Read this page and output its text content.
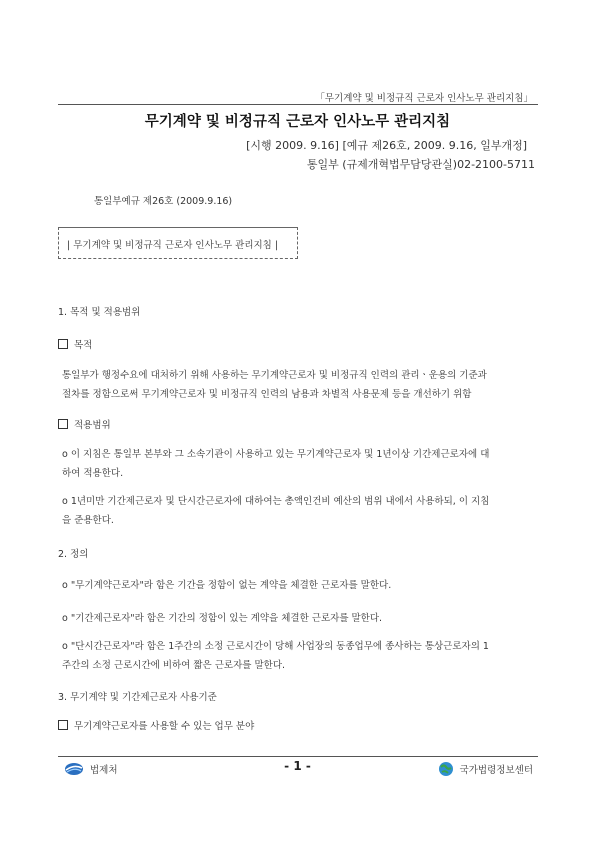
「무기계약 및 비정규직 근로자 인사노무 관리지침」
무기계약 및 비정규직 근로자 인사노무 관리지침
[시행 2009. 9.16] [예규 제26호, 2009. 9.16, 일부개정]
통일부 (규제개혁법무담당관실)02-2100-5711
통일부예규 제26호 (2009.9.16)
| 무기계약 및 비정규직 근로자 인사노무 관리지침 |
1. 목적 및 적용범위
목적
통일부가 행정수요에 대처하기 위해 사용하는 무기계약근로자 및 비정규직 인력의 관리ㆍ운용의 기준과
절차를 정함으로써 무기계약근로자 및 비정규직 인력의 남용과 차별적 사용문제 등을 개선하기 위함
적용범위
o 이 지침은 통일부 본부와 그 소속기관이 사용하고 있는 무기계약근로자 및 1년이상 기간제근로자에 대
하여 적용한다.
o 1년미만 기간제근로자 및 단시간근로자에 대하여는 총액인건비 예산의 범위 내에서 사용하되, 이 지침
을 준용한다.
2. 정의
o "무기계약근로자"라 함은 기간을 정함이 없는 계약을 체결한 근로자를 말한다.
o "기간제근로자"라 함은 기간의 정함이 있는 계약을 체결한 근로자를 말한다.
o "단시간근로자"라 함은 1주간의 소정 근로시간이 당해 사업장의 동종업무에 종사하는 통상근로자의 1
주간의 소정 근로시간에 비하여 짧은 근로자를 말한다.
3. 무기계약 및 기간제근로자 사용기준
무기계약근로자를 사용할 수 있는 업무 분야
법제처	- 1 -	국가법령정보센터
